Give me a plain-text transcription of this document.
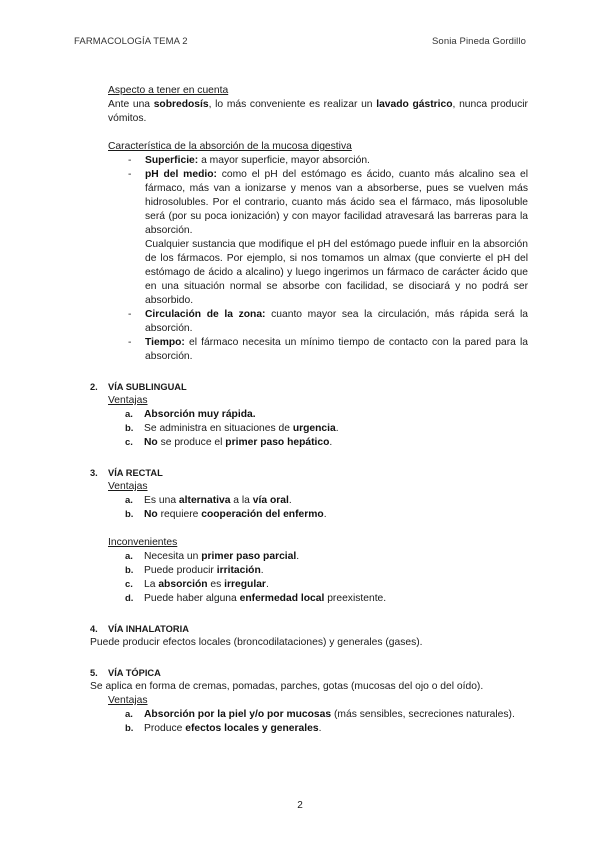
FARMACOLOGÍA TEMA 2	Sonia Pineda Gordillo

Aspecto a tener en cuenta

Ante una sobredosís, lo más conveniente es realizar un lavado gástrico, nunca producir vómitos.

Característica de la absorción de la mucosa digestiva

-	Superficie: a mayor superficie, mayor absorción.
-	pH del medio: como el pH del estómago es ácido, cuanto más alcalino sea el fármaco, más van a ionizarse y menos van a absorberse, pues se vuelven más hidrosolubles. Por el contrario, cuanto más ácido sea el fármaco, más liposoluble será (por su poca ionización) y con mayor facilidad atravesará las barreras para la absorción.

Cualquier sustancia que modifique el pH del estómago puede influir en la absorción de los fármacos. Por ejemplo, si nos tomamos un almax (que convierte el pH del estómago de ácido a alcalino) y luego ingerimos un fármaco de carácter ácido que en una situación normal se absorbe con facilidad, se disociará y no podrá ser absorbido.

-	Circulación de la zona: cuanto mayor sea la circulación, más rápida será la absorción.
-	Tiempo: el fármaco necesita un mínimo tiempo de contacto con la pared para la absorción.
2.	VÍA SUBLINGUAL

Ventajas

a.	Absorción muy rápida.
b.	Se administra en situaciones de urgencia.
c.	No se produce el primer paso hepático.
3.	VÍA RECTAL

Ventajas

a.	Es una alternativa a la vía oral.
b.	No requiere cooperación del enfermo.

Inconvenientes

a.	Necesita un primer paso parcial.
b.	Puede producir irritación.
c.	La absorción es irregular.
d.	Puede haber alguna enfermedad local preexistente.
4.	VÍA INHALATORIA

Puede producir efectos locales (broncodilataciones) y generales (gases).

5.	VÍA TÓPICA

Se aplica en forma de cremas, pomadas, parches, gotas (mucosas del ojo o del oído).

Ventajas

a.	Absorción por la piel y/o por mucosas (más sensibles, secreciones naturales).
b.	Produce efectos locales y generales.
2
